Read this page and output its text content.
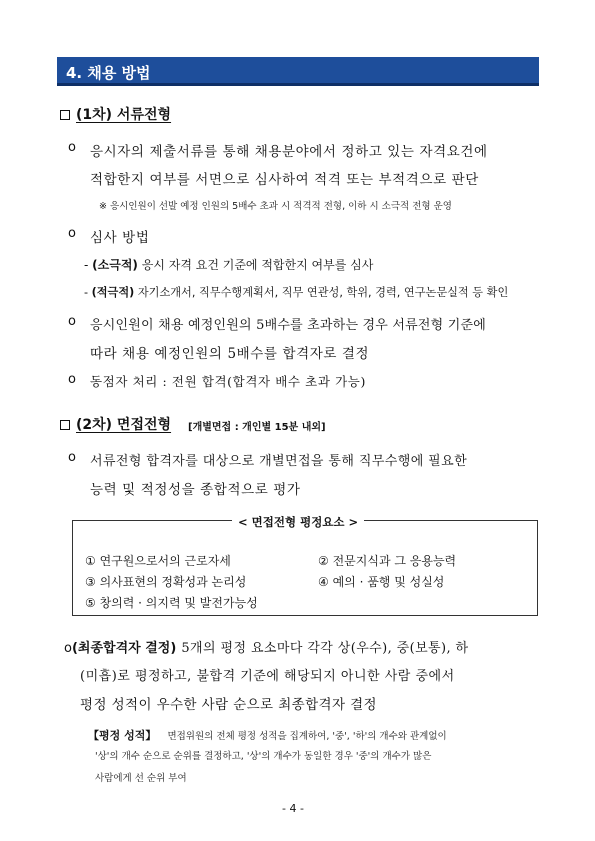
4. 채용 방법
(1차) 서류전형
o 응시자의 제출서류를 통해 채용분야에서 정하고 있는 자격요건에
적합한지 여부를 서면으로 심사하여 적격 또는 부적격으로 판단
※ 응시인원이 선발 예정 인원의 5배수 초과 시 적격적 전형, 이하 시 소극적 전형 운영
o 심사 방법
- (소극적) 응시 자격 요건 기준에 적합한지 여부를 심사
- (적극적) 자기소개서, 직무수행계획서, 직무 연관성, 학위, 경력, 연구논문실적 등 확인
o 응시인원이 채용 예정인원의 5배수를 초과하는 경우 서류전형 기준에
따라 채용 예정인원의 5배수를 합격자로 결정
o 동점자 처리 : 전원 합격(합격자 배수 초과 가능)
(2차) 면접전형 [개별면접 : 개인별 15분 내외]
o 서류전형 합격자를 대상으로 개별면접을 통해 직무수행에 필요한
능력 및 적정성을 종합적으로 평가
< 면접전형 평정요소 >
① 연구원으로서의 근로자세	② 전문지식과 그 응용능력
③ 의사표현의 정확성과 논리성	④ 예의 · 품행 및 성실성
⑤ 창의력 · 의지력 및 발전가능성
o(최종합격자 결정) 5개의 평정 요소마다 각각 상(우수), 중(보통), 하
(미흡)로 평정하고, 불합격 기준에 해당되지 아니한 사람 중에서
평정 성적이 우수한 사람 순으로 최종합격자 결정
【평정 성적】 면접위원의 전체 평정 성적을 집계하여, '중', '하'의 개수와 관계없이
'상'의 개수 순으로 순위를 결정하고, '상'의 개수가 동일한 경우 '중'의 개수가 많은
사람에게 선 순위 부여
- 4 -
